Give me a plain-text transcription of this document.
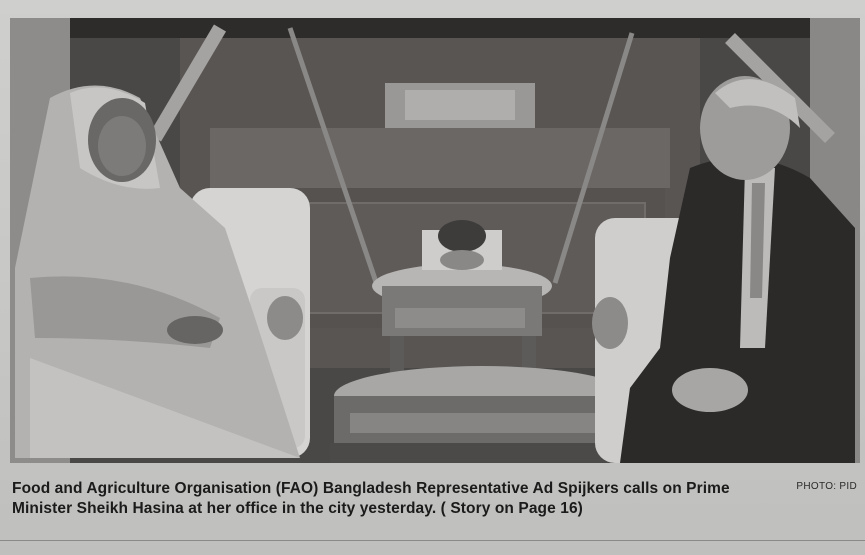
PHOTO: PID
Food and Agriculture Organisation (FAO) Bangladesh Representative Ad Spijkers calls on Prime
Minister Sheikh Hasina at her office in the city yesterday. ( Story on Page 16)
